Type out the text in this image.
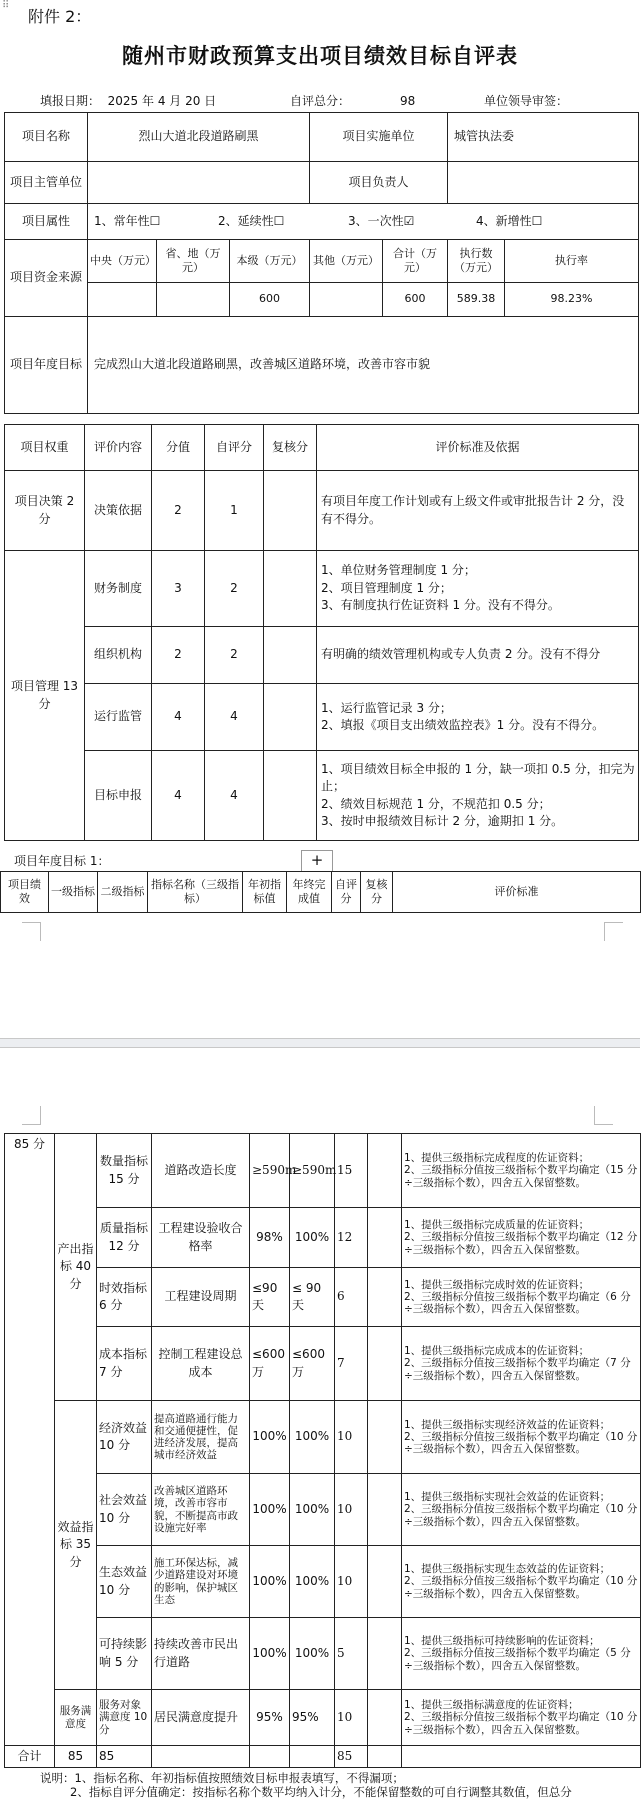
⠿
附件 2：
随州市财政预算支出项目绩效目标自评表
填报日期： 2025 年 4 月 20 日	自评总分：	98	单位领导审签：
项目名称	烈山大道北段道路刷黑			项目实施单位		城管执法委	
项目主管单位				项目负责人			
项目属性	1、常年性☐ 2、延续性☐ 3、一次性☑ 4、新增性☐						
项目资金来源	中央（万元）	省、地（万元）	本级（万元）	其他（万元）	合计（万元）	执行数（万元）	执行率
			600		600	589.38	98.23%
项目年度目标	完成烈山大道北段道路刷黑，改善城区道路环境，改善市容市貌						
项目权重	评价内容	分值	自评分	复核分	评价标准及依据
项目决策 2 分	决策依据	2	1		有项目年度工作计划或有上级文件或审批报告计 2 分，没有不得分。
项目管理 13 分	财务制度	3	2		1、单位财务管理制度 1 分；
2、项目管理制度 1 分；
3、有制度执行佐证资料 1 分。没有不得分。

	组织机构	2	2		有明确的绩效管理机构或专人负责 2 分。没有不得分

	运行监管	4	4		1、运行监管记录 3 分；
2、填报《项目支出绩效监控表》1 分。没有不得分。

	目标申报	4	4		1、项目绩效目标全申报的 1 分，缺一项扣 0.5 分，扣完为止；
2、绩效目标规范 1 分，不规范扣 0.5 分；
3、按时申报绩效目标计 2 分，逾期扣 1 分。
项目年度目标 1：	+
项目绩效	一级指标	二级指标	指标名称（三级指标）	年初指标值	年终完成值	自评分	复核分	评价标准
85 分	产出指标 40 分	数量指标 15 分	道路改造长度	≥590m	≥590m	15		1、提供三级指标完成程度的佐证资料；
2、三级指标分值按三级指标个数平均确定（15 分÷三级指标个数），四舍五入保留整数。

		质量指标 12 分	工程建设验收合格率	98%	100%	12		1、提供三级指标完成质量的佐证资料；
2、三级指标分值按三级指标个数平均确定（12 分÷三级指标个数），四舍五入保留整数。

		时效指标 6 分	工程建设周期	≤90天	≤ 90天	6		1、提供三级指标完成时效的佐证资料；
2、三级指标分值按三级指标个数平均确定（6 分÷三级指标个数），四舍五入保留整数。

		成本指标 7 分	控制工程建设总成本	≤600万	≤600万	7		1、提供三级指标完成成本的佐证资料；
2、三级指标分值按三级指标个数平均确定（7 分÷三级指标个数），四舍五入保留整数。

	效益指标 35 分	经济效益 10 分	提高道路通行能力和交通便捷性，促进经济发展，提高城市经济效益	100%	100%	10		1、提供三级指标实现经济效益的佐证资料；
2、三级指标分值按三级指标个数平均确定（10 分÷三级指标个数），四舍五入保留整数。

		社会效益 10 分	改善城区道路环境，改善市容市貌，不断提高市政设施完好率	100%	100%	10		1、提供三级指标实现社会效益的佐证资料；
2、三级指标分值按三级指标个数平均确定（10 分÷三级指标个数），四舍五入保留整数。

		生态效益 10 分	施工环保达标，减少道路建设对环境的影响，保护城区生态	100%	100%	10		1、提供三级指标实现生态效益的佐证资料；
2、三级指标分值按三级指标个数平均确定（10 分÷三级指标个数），四舍五入保留整数。

		可持续影响 5 分	持续改善市民出行道路	100%	100%	5		1、提供三级指标可持续影响的佐证资料；
2、三级指标分值按三级指标个数平均确定（5 分÷三级指标个数），四舍五入保留整数。

	服务满意度	服务对象满意度 10 分	居民满意度提升	95%	95%	10		1、提供三级指标满意度的佐证资料；
2、三级指标分值按三级指标个数平均确定（10 分÷三级指标个数），四舍五入保留整数。

合计	85	85				85		
说明：1、指标名称、年初指标值按照绩效目标申报表填写，不得漏项；
2、指标自评分值确定：按指标名称个数平均纳入计分，不能保留整数的可自行调整其数值，但总分
